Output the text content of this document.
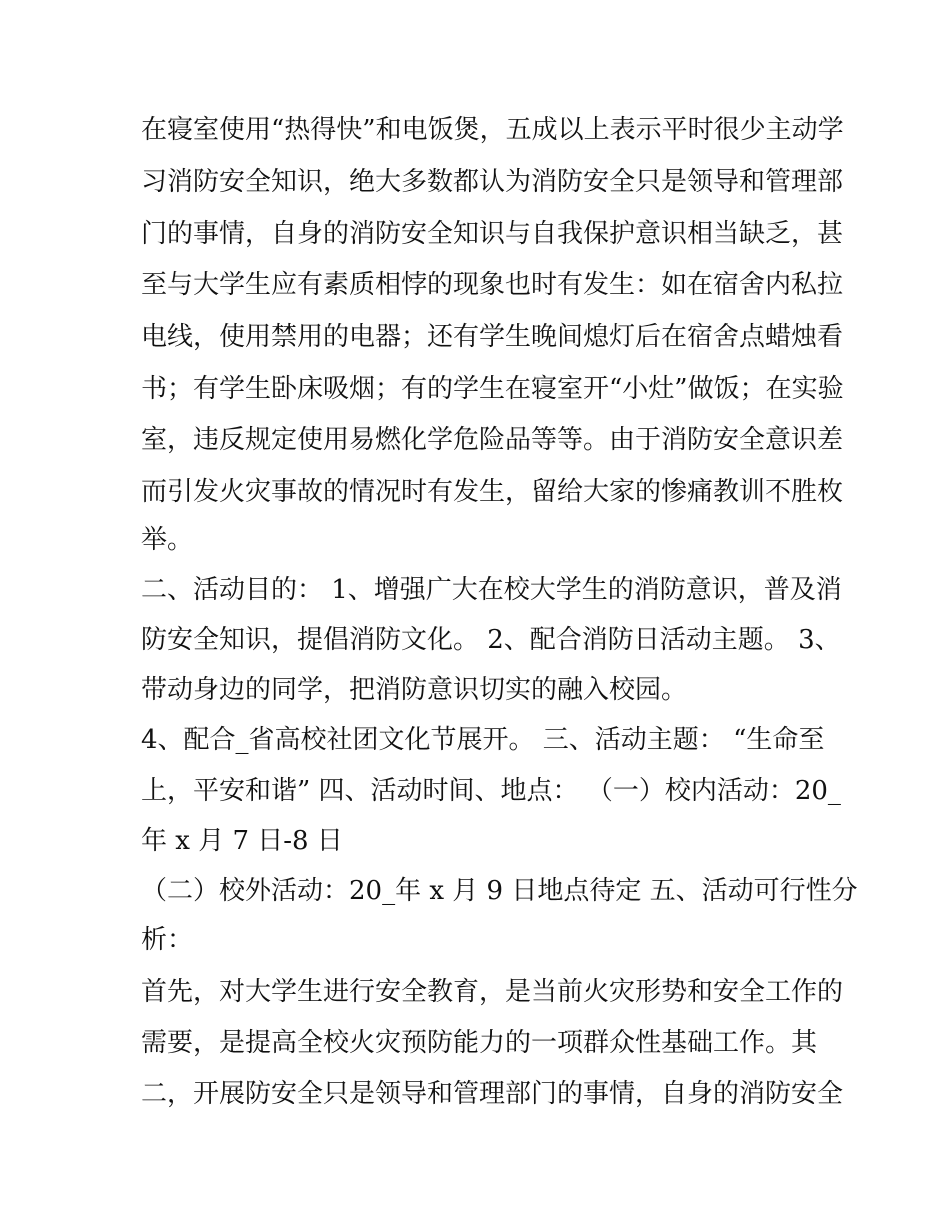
在寝室使用“热得快”和电饭煲，五成以上表示平时很少主动学
习消防安全知识，绝大多数都认为消防安全只是领导和管理部
门的事情，自身的消防安全知识与自我保护意识相当缺乏，甚
至与大学生应有素质相悖的现象也时有发生：如在宿舍内私拉
电线，使用禁用的电器；还有学生晚间熄灯后在宿舍点蜡烛看
书；有学生卧床吸烟；有的学生在寝室开“小灶”做饭；在实验
室，违反规定使用易燃化学危险品等等。由于消防安全意识差
而引发火灾事故的情况时有发生，留给大家的惨痛教训不胜枚
举。
二、活动目的： 1、增强广大在校大学生的消防意识，普及消
防安全知识，提倡消防文化。 2、配合消防日活动主题。 3、
带动身边的同学，把消防意识切实的融入校园。
4、配合_省高校社团文化节展开。 三、活动主题： “生命至
上，平安和谐” 四、活动时间、地点： （一）校内活动：20_
年 x 月 7 日-8 日
（二）校外活动：20_年 x 月 9 日地点待定 五、活动可行性分
析：
首先，对大学生进行安全教育，是当前火灾形势和安全工作的
需要，是提高全校火灾预防能力的一项群众性基础工作。其
二，开展防安全只是领导和管理部门的事情，自身的消防安全
